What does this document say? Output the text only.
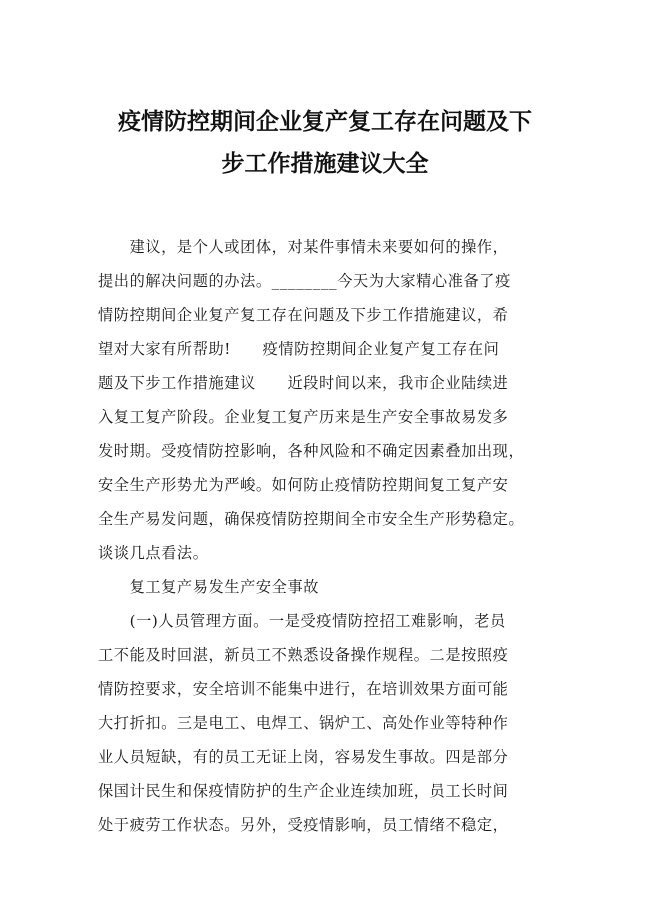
疫情防控期间企业复产复工存在问题及下
步工作措施建议大全
　　建议，是个人或团体，对某件事情未来要如何的操作，
提出的解决问题的办法。________今天为大家精心准备了疫
情防控期间企业复产复工存在问题及下步工作措施建议，希
望对大家有所帮助!　　疫情防控期间企业复产复工存在问
题及下步工作措施建议　　近段时间以来，我市企业陆续进
入复工复产阶段。企业复工复产历来是生产安全事故易发多
发时期。受疫情防控影响，各种风险和不确定因素叠加出现，
安全生产形势尤为严峻。如何防止疫情防控期间复工复产安
全生产易发问题，确保疫情防控期间全市安全生产形势稳定。
谈谈几点看法。
　　复工复产易发生产安全事故
　　(一)人员管理方面。一是受疫情防控招工难影响，老员
工不能及时回湛，新员工不熟悉设备操作规程。二是按照疫
情防控要求，安全培训不能集中进行，在培训效果方面可能
大打折扣。三是电工、电焊工、锅炉工、高处作业等特种作
业人员短缺，有的员工无证上岗，容易发生事故。四是部分
保国计民生和保疫情防护的生产企业连续加班，员工长时间
处于疲劳工作状态。另外，受疫情影响，员工情绪不稳定，
